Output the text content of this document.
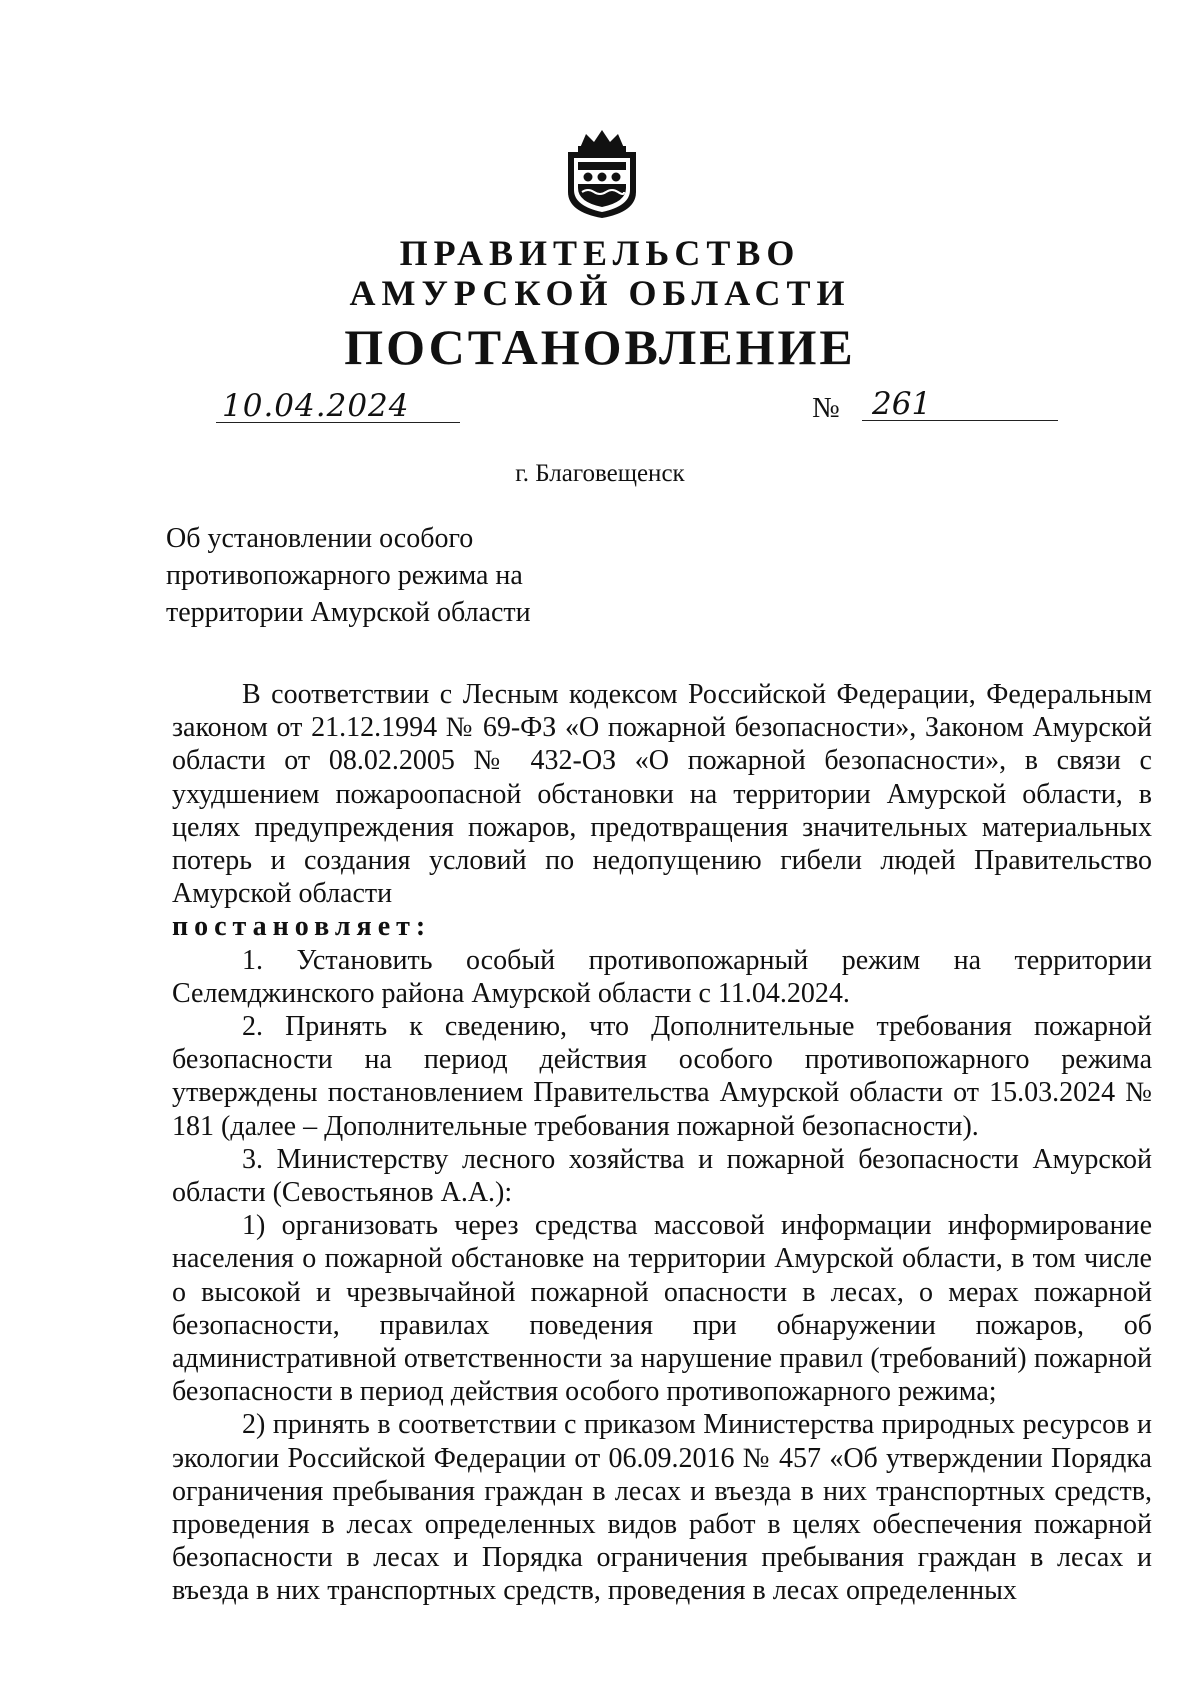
ПРАВИТЕЛЬСТВО
АМУРСКОЙ ОБЛАСТИ
ПОСТАНОВЛЕНИЕ
10.04.2024	№ 261
г. Благовещенск
Об установлении особого
противопожарного режима на
территории Амурской области

В соответствии с Лесным кодексом Российской Федерации, Федеральным законом от 21.12.1994 № 69-ФЗ «О пожарной безопасности», Законом Амурской области от 08.02.2005 № 432-ОЗ «О пожарной безопасности», в связи с ухудшением пожароопасной обстановки на территории Амурской области, в целях предупреждения пожаров, предотвращения значительных материальных потерь и создания условий по недопущению гибели людей Правительство Амурской области

постановляет:

1. Установить особый противопожарный режим на территории Селемджинского района Амурской области с 11.04.2024.

2. Принять к сведению, что Дополнительные требования пожарной безопасности на период действия особого противопожарного режима утверждены постановлением Правительства Амурской области от 15.03.2024 № 181 (далее – Дополнительные требования пожарной безопасности).

3. Министерству лесного хозяйства и пожарной безопасности Амурской области (Севостьянов А.А.):

1) организовать через средства массовой информации информирование населения о пожарной обстановке на территории Амурской области, в том числе о высокой и чрезвычайной пожарной опасности в лесах, о мерах пожарной безопасности, правилах поведения при обнаружении пожаров, об административной ответственности за нарушение правил (требований) пожарной безопасности в период действия особого противопожарного режима;

2) принять в соответствии с приказом Министерства природных ресурсов и экологии Российской Федерации от 06.09.2016 № 457 «Об утверждении Порядка ограничения пребывания граждан в лесах и въезда в них транспортных средств, проведения в лесах определенных видов работ в целях обеспечения пожарной безопасности в лесах и Порядка ограничения пребывания граждан в лесах и въезда в них транспортных средств, проведения в лесах определенных
